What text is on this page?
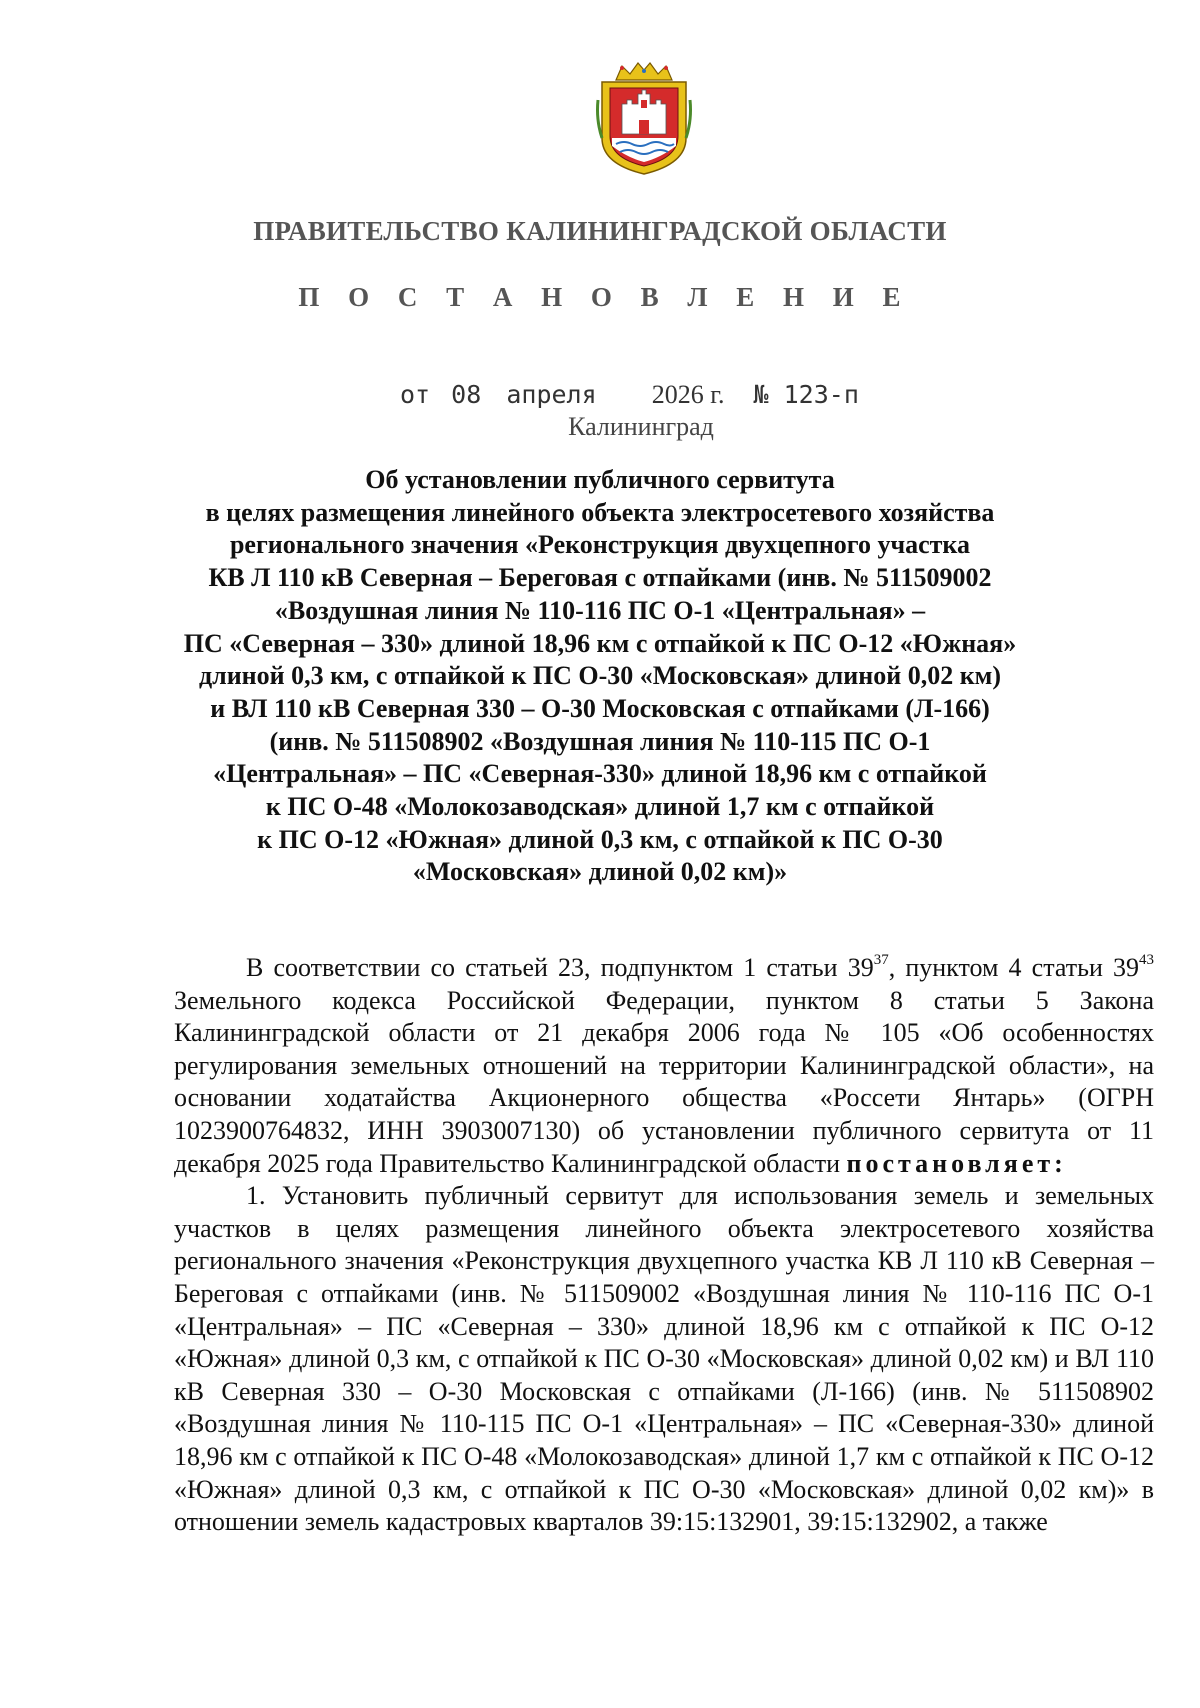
ПРАВИТЕЛЬСТВО КАЛИНИНГРАДСКОЙ ОБЛАСТИ
П О С Т А Н О В Л Е Н И Е
от 08 апреля 2026 г. № 123-п
Калининград
Об установлении публичного сервитута
в целях размещения линейного объекта электросетевого хозяйства
регионального значения «Реконструкция двухцепного участка
КВ Л 110 кВ Северная – Береговая с отпайками (инв. № 511509002
«Воздушная линия № 110-116 ПС О-1 «Центральная» –
ПС «Северная – 330» длиной 18,96 км с отпайкой к ПС О-12 «Южная»
длиной 0,3 км, с отпайкой к ПС О-30 «Московская» длиной 0,02 км)
и ВЛ 110 кВ Северная 330 – О-30 Московская с отпайками (Л-166)
(инв. № 511508902 «Воздушная линия № 110-115 ПС О-1
«Центральная» – ПС «Северная-330» длиной 18,96 км с отпайкой
к ПС О-48 «Молокозаводская» длиной 1,7 км с отпайкой
к ПС О-12 «Южная» длиной 0,3 км, с отпайкой к ПС О-30
«Московская» длиной 0,02 км)»

В соответствии со статьей 23, подпунктом 1 статьи $39^{37}$, пунктом 4 статьи $39^{43}$ Земельного кодекса Российской Федерации, пунктом 8 статьи 5 Закона Калининградской области от 21 декабря 2006 года № 105 «Об особенностях регулирования земельных отношений на территории Калининградской области», на основании ходатайства Акционерного общества «Россети Янтарь» (ОГРН 1023900764832, ИНН 3903007130) об установлении публичного сервитута от 11 декабря 2025 года Правительство Калининградской области постановляет:

1. Установить публичный сервитут для использования земель и земельных участков в целях размещения линейного объекта электросетевого хозяйства регионального значения «Реконструкция двухцепного участка КВ Л 110 кВ Северная – Береговая с отпайками (инв. № 511509002 «Воздушная линия № 110-116 ПС О-1 «Центральная» – ПС «Северная – 330» длиной 18,96 км с отпайкой к ПС О-12 «Южная» длиной 0,3 км, с отпайкой к ПС О-30 «Московская» длиной 0,02 км) и ВЛ 110 кВ Северная 330 – О-30 Московская с отпайками (Л-166) (инв. № 511508902 «Воздушная линия № 110-115 ПС О-1 «Центральная» – ПС «Северная-330» длиной 18,96 км с отпайкой к ПС О-48 «Молокозаводская» длиной 1,7 км с отпайкой к ПС О-12 «Южная» длиной 0,3 км, с отпайкой к ПС О-30 «Московская» длиной 0,02 км)» в отношении земель кадастровых кварталов 39:15:132901, 39:15:132902, а также
